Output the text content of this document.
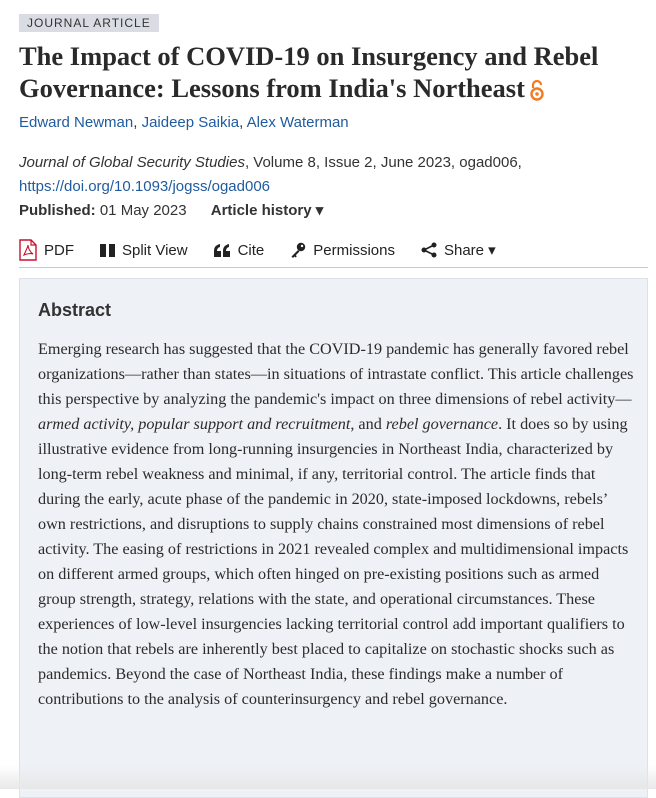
JOURNAL ARTICLE
The Impact of COVID-19 on Insurgency and Rebel Governance: Lessons from India's Northeast
Edward Newman, Jaideep Saikia, Alex Waterman
Journal of Global Security Studies, Volume 8, Issue 2, June 2023, ogad006,
https://doi.org/10.1093/jogss/ogad006
Published: 01 May 2023 Article history ▾
PDF	Split View	Cite	Permissions	Share ▾
Abstract

Emerging research has suggested that the COVID-19 pandemic has generally favored rebel organizations—rather than states—in situations of intrastate conflict. This article challenges this perspective by analyzing the pandemic's impact on three dimensions of rebel activity—armed activity, popular support and recruitment, and rebel governance. It does so by using illustrative evidence from long-running insurgencies in Northeast India, characterized by long-term rebel weakness and minimal, if any, territorial control. The article finds that during the early, acute phase of the pandemic in 2020, state-imposed lockdowns, rebels’ own restrictions, and disruptions to supply chains constrained most dimensions of rebel activity. The easing of restrictions in 2021 revealed complex and multidimensional impacts on different armed groups, which often hinged on pre-existing positions such as armed group strength, strategy, relations with the state, and operational circumstances. These experiences of low-level insurgencies lacking territorial control add important qualifiers to the notion that rebels are inherently best placed to capitalize on stochastic shocks such as pandemics. Beyond the case of Northeast India, these findings make a number of contributions to the analysis of counterinsurgency and rebel governance.
